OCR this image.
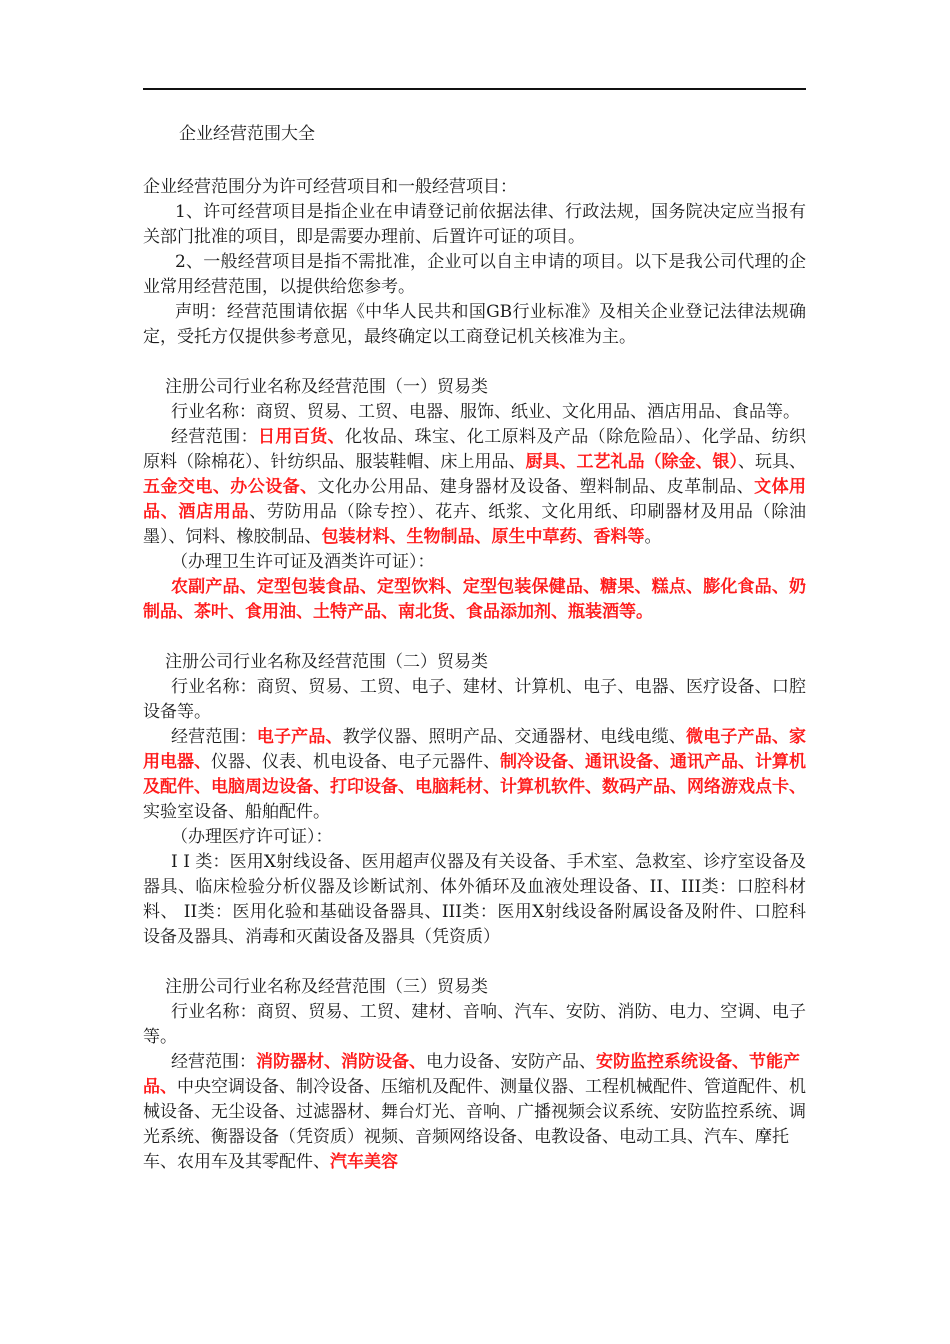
企业经营范围大全

企业经营范围分为许可经营项目和一般经营项目：

1、许可经营项目是指企业在申请登记前依据法律、行政法规，国务院决定应当报有关部门批准的项目，即是需要办理前、后置许可证的项目。

2、一般经营项目是指不需批准，企业可以自主申请的项目。以下是我公司代理的企业常用经营范围，以提供给您参考。

声明：经营范围请依据《中华人民共和国GB行业标准》及相关企业登记法律法规确定，受托方仅提供参考意见，最终确定以工商登记机关核准为主。

注册公司行业名称及经营范围（一）贸易类

行业名称：商贸、贸易、工贸、电器、服饰、纸业、文化用品、酒店用品、食品等。

经营范围：日用百货、化妆品、珠宝、化工原料及产品（除危险品）、化学品、纺织原料（除棉花）、针纺织品、服装鞋帽、床上用品、厨具、工艺礼品（除金、银）、玩具、五金交电、办公设备、文化办公用品、建身器材及设备、塑料制品、皮革制品、文体用品、酒店用品、劳防用品（除专控）、花卉、纸浆、文化用纸、印刷器材及用品（除油墨）、饲料、橡胶制品、包装材料、生物制品、原生中草药、香料等。

（办理卫生许可证及酒类许可证）：

农副产品、定型包装食品、定型饮料、定型包装保健品、糖果、糕点、膨化食品、奶制品、茶叶、食用油、土特产品、南北货、食品添加剂、瓶装酒等。

注册公司行业名称及经营范围（二）贸易类

行业名称：商贸、贸易、工贸、电子、建材、计算机、电子、电器、医疗设备、口腔设备等。

经营范围：电子产品、教学仪器、照明产品、交通器材、电线电缆、微电子产品、家用电器、仪器、仪表、机电设备、电子元器件、制冷设备、通讯设备、通讯产品、计算机及配件、电脑周边设备、打印设备、电脑耗材、计算机软件、数码产品、网络游戏点卡、实验室设备、船舶配件。

（办理医疗许可证）：

I I 类：医用X射线设备、医用超声仪器及有关设备、手术室、急救室、诊疗室设备及器具、临床检验分析仪器及诊断试剂、体外循环及血液处理设备、II、III类：口腔科材料、 II类：医用化验和基础设备器具、III类：医用X射线设备附属设备及附件、口腔科设备及器具、消毒和灭菌设备及器具（凭资质）

注册公司行业名称及经营范围（三）贸易类

行业名称：商贸、贸易、工贸、建材、音响、汽车、安防、消防、电力、空调、电子等。

经营范围：消防器材、消防设备、电力设备、安防产品、安防监控系统设备、节能产品、中央空调设备、制冷设备、压缩机及配件、测量仪器、工程机械配件、管道配件、机械设备、无尘设备、过滤器材、舞台灯光、音响、广播视频会议系统、安防监控系统、调光系统、衡器设备（凭资质）视频、音频网络设备、电教设备、电动工具、汽车、摩托车、农用车及其零配件、汽车美容
